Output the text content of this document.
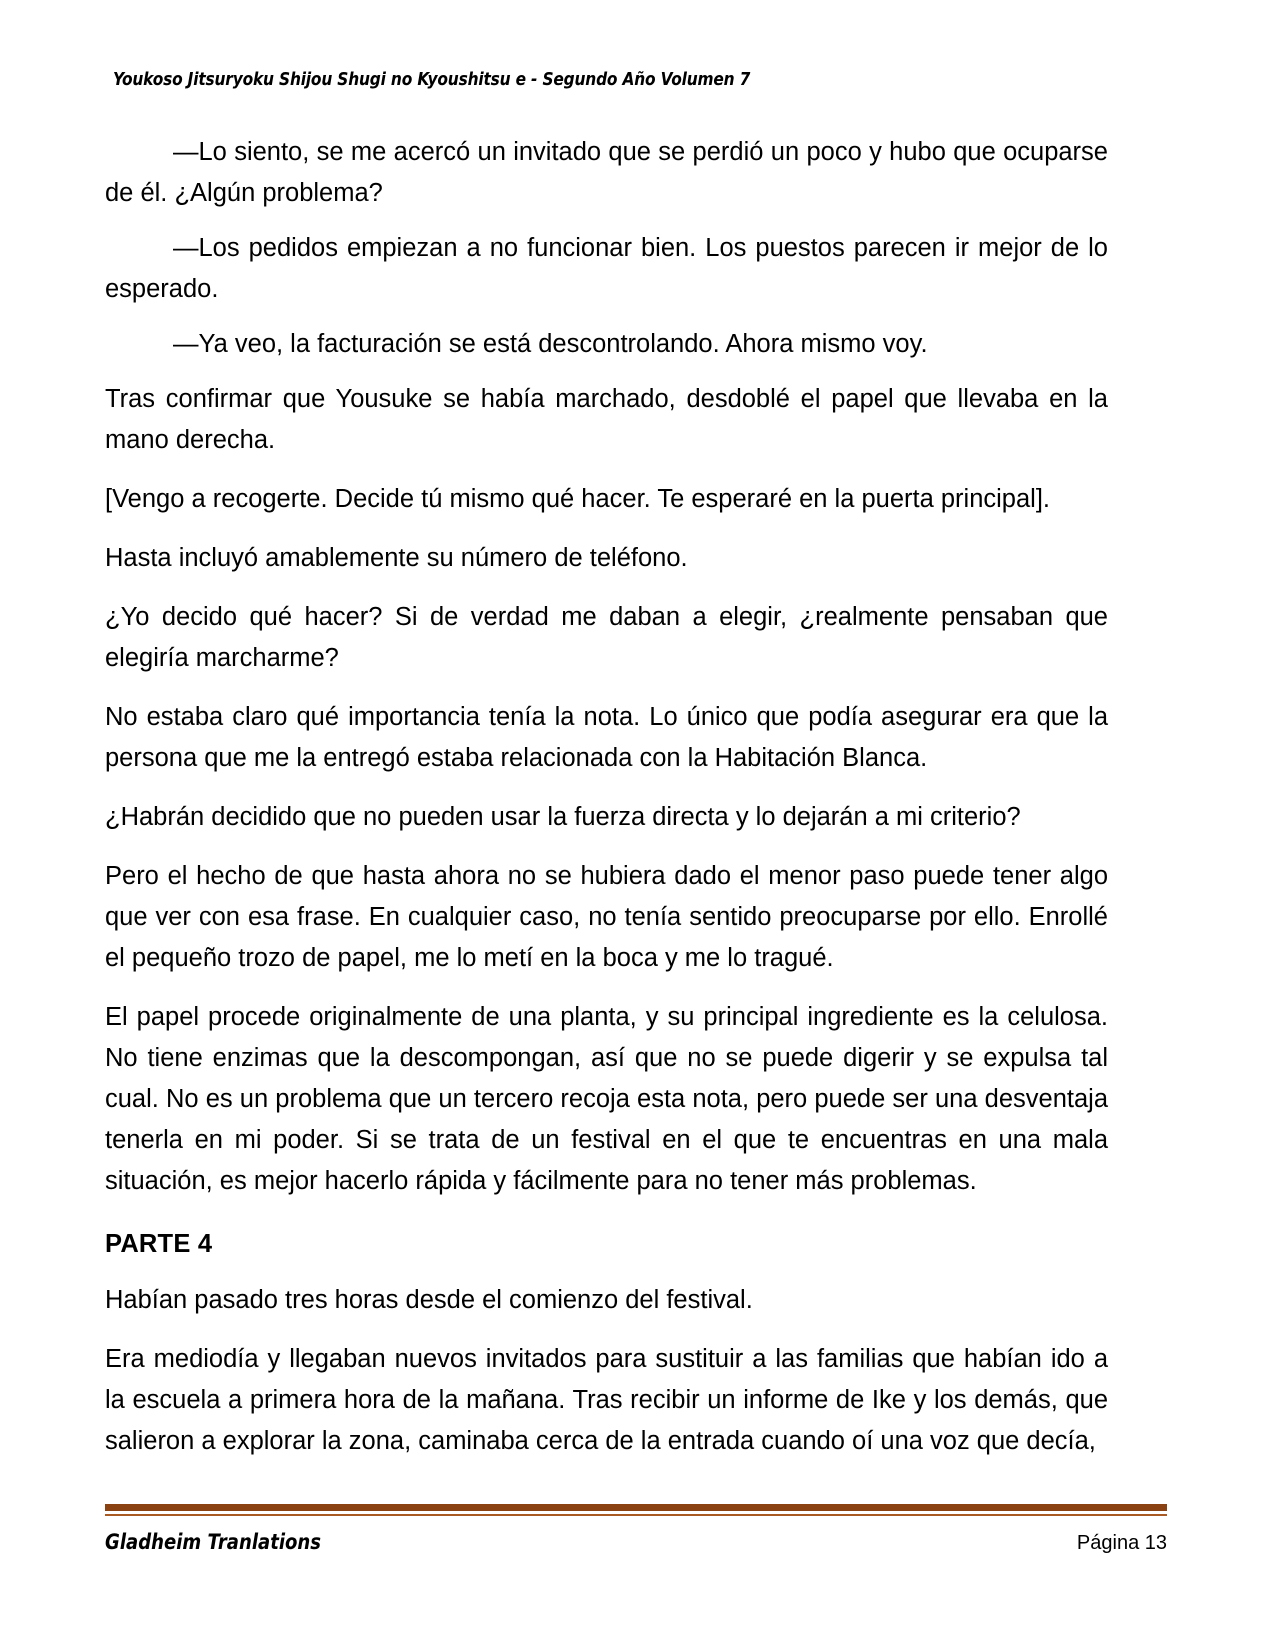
Youkoso Jitsuryoku Shijou Shugi no Kyoushitsu e - Segundo Año Volumen 7

—Lo siento, se me acercó un invitado que se perdió un poco y hubo que ocuparse de él. ¿Algún problema?

—Los pedidos empiezan a no funcionar bien. Los puestos parecen ir mejor de lo esperado.

—Ya veo, la facturación se está descontrolando. Ahora mismo voy.

Tras confirmar que Yousuke se había marchado, desdoblé el papel que llevaba en la mano derecha.

[Vengo a recogerte. Decide tú mismo qué hacer. Te esperaré en la puerta principal].

Hasta incluyó amablemente su número de teléfono.

¿Yo decido qué hacer? Si de verdad me daban a elegir, ¿realmente pensaban que elegiría marcharme?

No estaba claro qué importancia tenía la nota. Lo único que podía asegurar era que la persona que me la entregó estaba relacionada con la Habitación Blanca.

¿Habrán decidido que no pueden usar la fuerza directa y lo dejarán a mi criterio?

Pero el hecho de que hasta ahora no se hubiera dado el menor paso puede tener algo que ver con esa frase. En cualquier caso, no tenía sentido preocuparse por ello. Enrollé el pequeño trozo de papel, me lo metí en la boca y me lo tragué.

El papel procede originalmente de una planta, y su principal ingrediente es la celulosa. No tiene enzimas que la descompongan, así que no se puede digerir y se expulsa tal cual. No es un problema que un tercero recoja esta nota, pero puede ser una desventaja tenerla en mi poder. Si se trata de un festival en el que te encuentras en una mala situación, es mejor hacerlo rápida y fácilmente para no tener más problemas.

PARTE 4

Habían pasado tres horas desde el comienzo del festival.

Era mediodía y llegaban nuevos invitados para sustituir a las familias que habían ido a la escuela a primera hora de la mañana. Tras recibir un informe de Ike y los demás, que salieron a explorar la zona, caminaba cerca de la entrada cuando oí una voz que decía,

Gladheim Tranlations	Página 13
